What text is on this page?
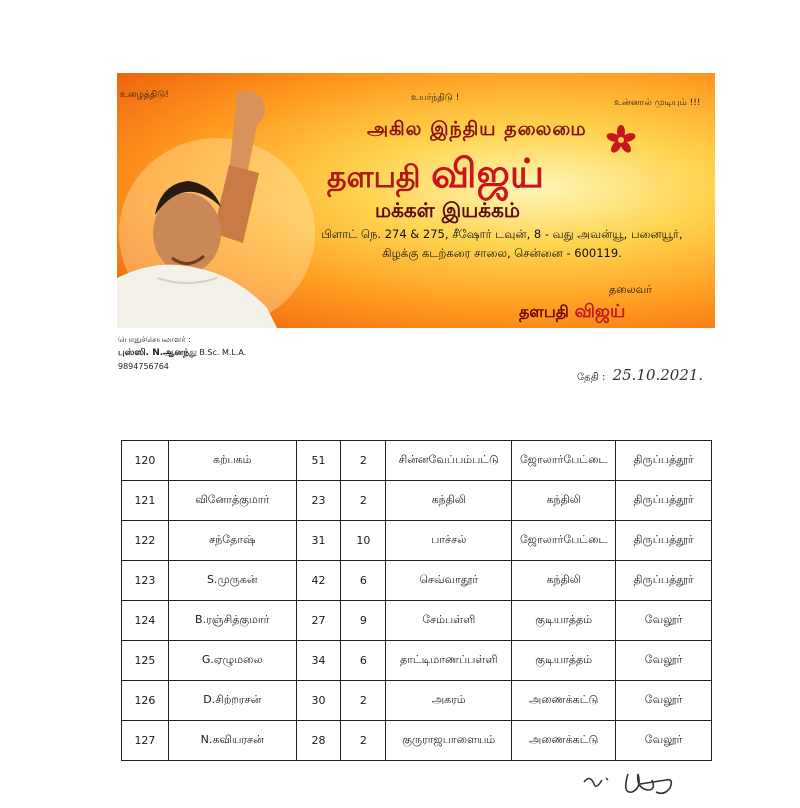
உழைத்திடு!	உயர்ந்திடு !	உன்னால் முடியும் !!!
அகில இந்திய தலைமை
தளபதி விஜய்
மக்கள் இயக்கம்
பிளாட் நெ. 274 & 275, சீஷோர் டவுன், 8 - வது அவன்யூ, பனையூர்,
கிழக்கு கடற்கரை சாலை, சென்னை - 600119.
தலைவர்
தளபதி விஜய்
பொதுச்செயலாளர் :
புஸ்ஸி. N.ஆனந்து B.Sc. M.L.A.
9894756764
தேதி : 25.10.2021.
120	கற்பகம்	51	2	சின்னவேப்பம்பட்டு	ஜோலார்பேட்டை	திருப்பத்தூர்
121	வினோத்குமார்	23	2	கந்திலி	கந்திலி	திருப்பத்தூர்
122	சந்தோஷ்	31	10	பாச்சல்	ஜோலார்பேட்டை	திருப்பத்தூர்
123	S.முருகன்	42	6	செவ்வாதூர்	கந்திலி	திருப்பத்தூர்
124	B.ரஞ்சித்குமார்	27	9	சேம்பள்ளி	குடியாத்தம்	வேலூர்
125	G.ஏழுமலை	34	6	தாட்டிமாணப்பள்ளி	குடியாத்தம்	வேலூர்
126	D.சிற்றரசன்	30	2	அகரம்	அணைக்கட்டு	வேலூர்
127	N.கவியரசன்	28	2	குருராஜபாளையம்	அணைக்கட்டு	வேலூர்
